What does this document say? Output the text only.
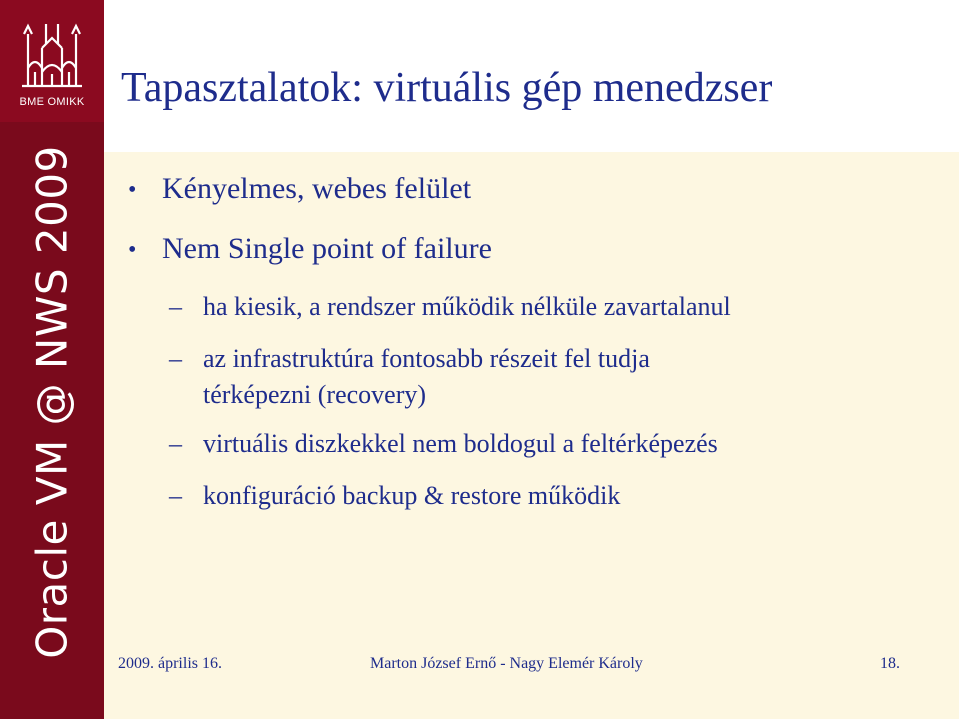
BME OMIKK
Oracle VM @ NWS 2009
Tapasztalatok: virtuális gép menedzser
• Kényelmes, webes felület
• Nem Single point of failure
– ha kiesik, a rendszer működik nélküle zavartalanul
– az infrastruktúra fontosabb részeit fel tudja
térképezni (recovery)
– virtuális diszkekkel nem boldogul a feltérképezés
– konfiguráció backup & restore működik
2009. április 16.	Marton József Ernő - Nagy Elemér Károly	18.
